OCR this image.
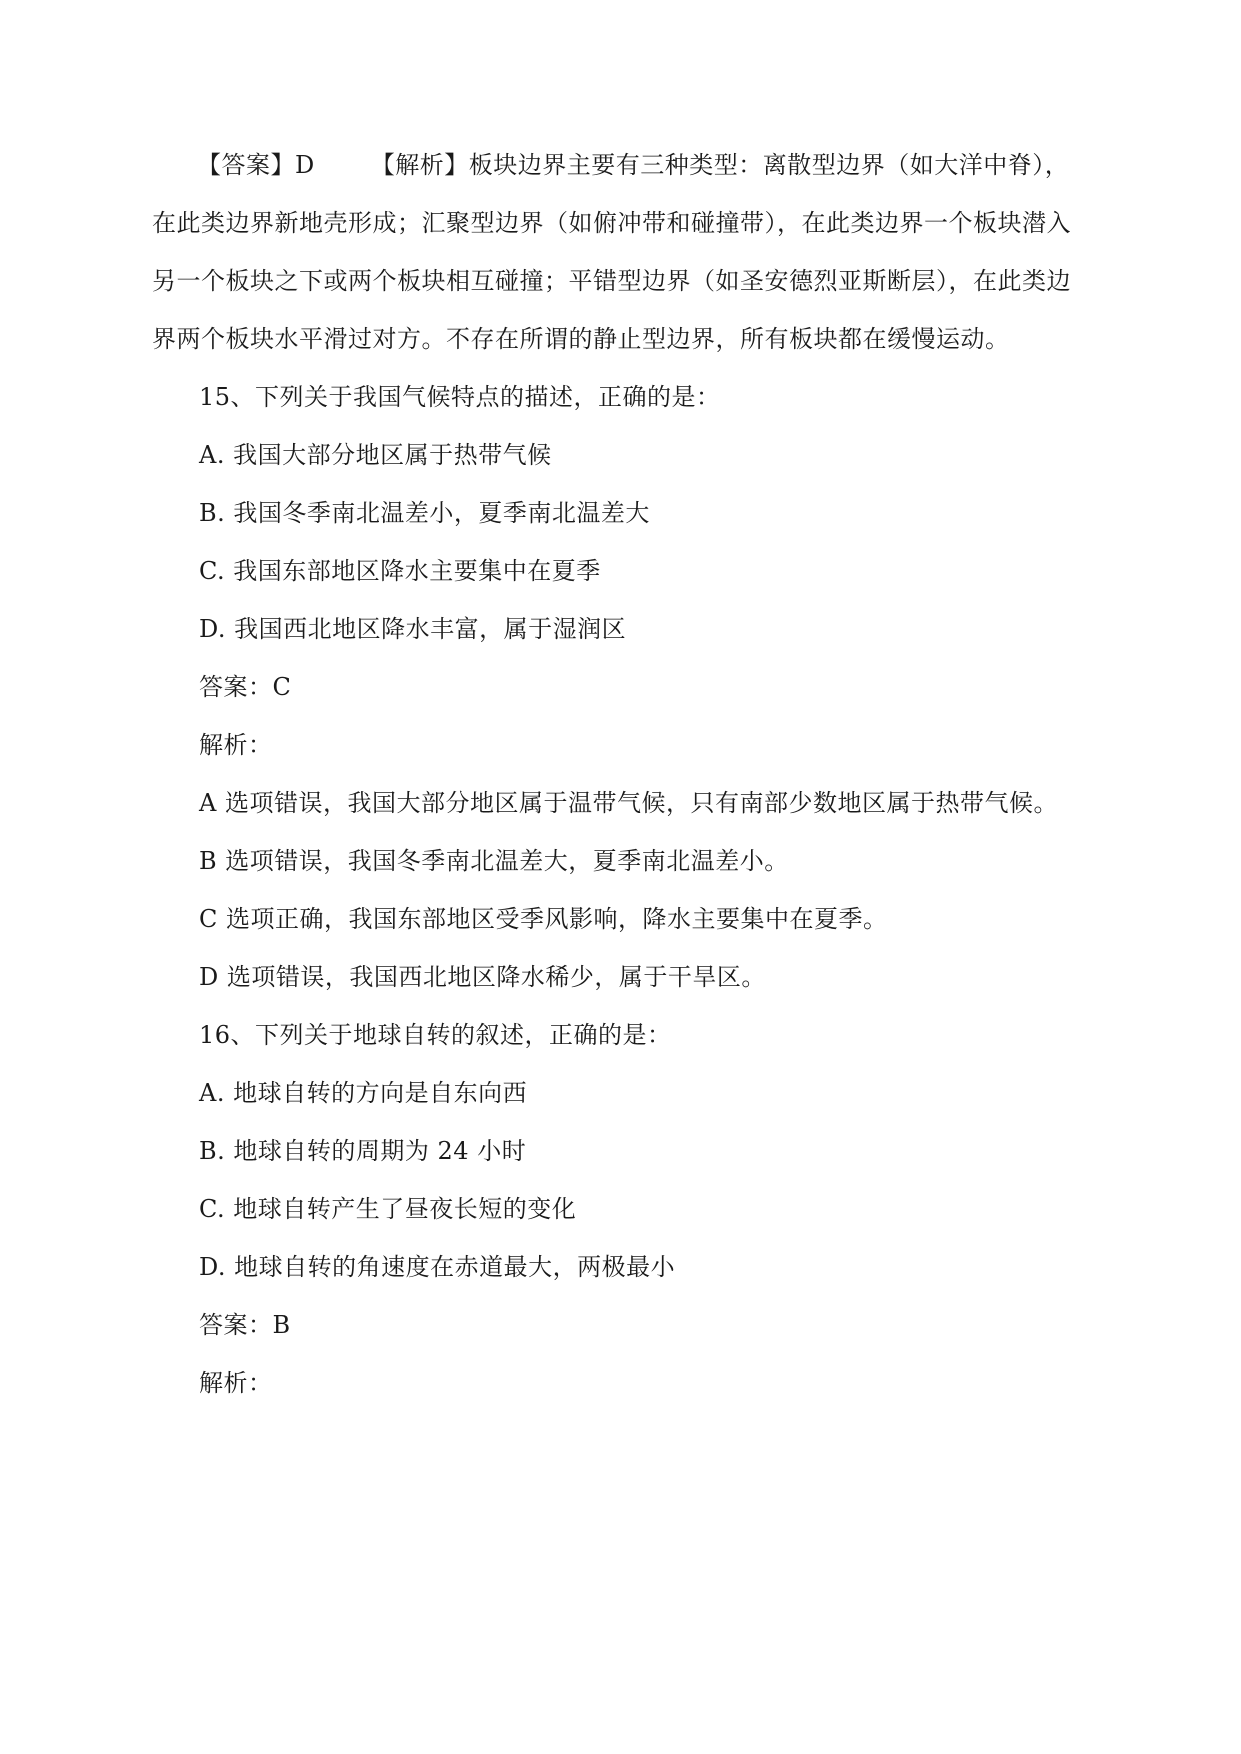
【答案】D 【解析】板块边界主要有三种类型：离散型边界（如大洋中脊），
在此类边界新地壳形成；汇聚型边界（如俯冲带和碰撞带），在此类边界一个板块潜入
另一个板块之下或两个板块相互碰撞；平错型边界（如圣安德烈亚斯断层），在此类边
界两个板块水平滑过对方。不存在所谓的静止型边界，所有板块都在缓慢运动。
15、下列关于我国气候特点的描述，正确的是：
A. 我国大部分地区属于热带气候
B. 我国冬季南北温差小，夏季南北温差大
C. 我国东部地区降水主要集中在夏季
D. 我国西北地区降水丰富，属于湿润区
答案：C
解析：
A 选项错误，我国大部分地区属于温带气候，只有南部少数地区属于热带气候。
B 选项错误，我国冬季南北温差大，夏季南北温差小。
C 选项正确，我国东部地区受季风影响，降水主要集中在夏季。
D 选项错误，我国西北地区降水稀少，属于干旱区。
16、下列关于地球自转的叙述，正确的是：
A. 地球自转的方向是自东向西
B. 地球自转的周期为 24 小时
C. 地球自转产生了昼夜长短的变化
D. 地球自转的角速度在赤道最大，两极最小
答案：B
解析：
